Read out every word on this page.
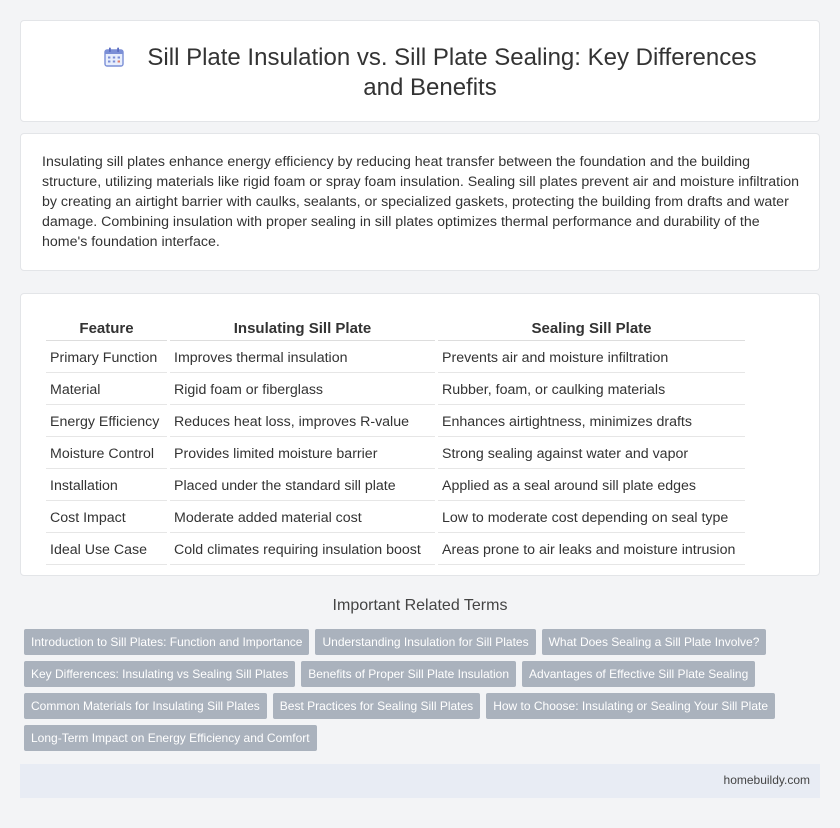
Sill Plate Insulation vs. Sill Plate Sealing: Key Differences and Benefits
Insulating sill plates enhance energy efficiency by reducing heat transfer between the foundation and the building structure, utilizing materials like rigid foam or spray foam insulation. Sealing sill plates prevent air and moisture infiltration by creating an airtight barrier with caulks, sealants, or specialized gaskets, protecting the building from drafts and water damage. Combining insulation with proper sealing in sill plates optimizes thermal performance and durability of the home's foundation interface.
Feature	Insulating Sill Plate	Sealing Sill Plate
Primary Function	Improves thermal insulation	Prevents air and moisture infiltration
Material	Rigid foam or fiberglass	Rubber, foam, or caulking materials
Energy Efficiency	Reduces heat loss, improves R-value	Enhances airtightness, minimizes drafts
Moisture Control	Provides limited moisture barrier	Strong sealing against water and vapor
Installation	Placed under the standard sill plate	Applied as a seal around sill plate edges
Cost Impact	Moderate added material cost	Low to moderate cost depending on seal type
Ideal Use Case	Cold climates requiring insulation boost	Areas prone to air leaks and moisture intrusion
Important Related Terms
Introduction to Sill Plates: Function and Importance	Understanding Insulation for Sill Plates	What Does Sealing a Sill Plate Involve?
Key Differences: Insulating vs Sealing Sill Plates	Benefits of Proper Sill Plate Insulation	Advantages of Effective Sill Plate Sealing
Common Materials for Insulating Sill Plates	Best Practices for Sealing Sill Plates	How to Choose: Insulating or Sealing Your Sill Plate
Long-Term Impact on Energy Efficiency and Comfort
homebuildy.com
